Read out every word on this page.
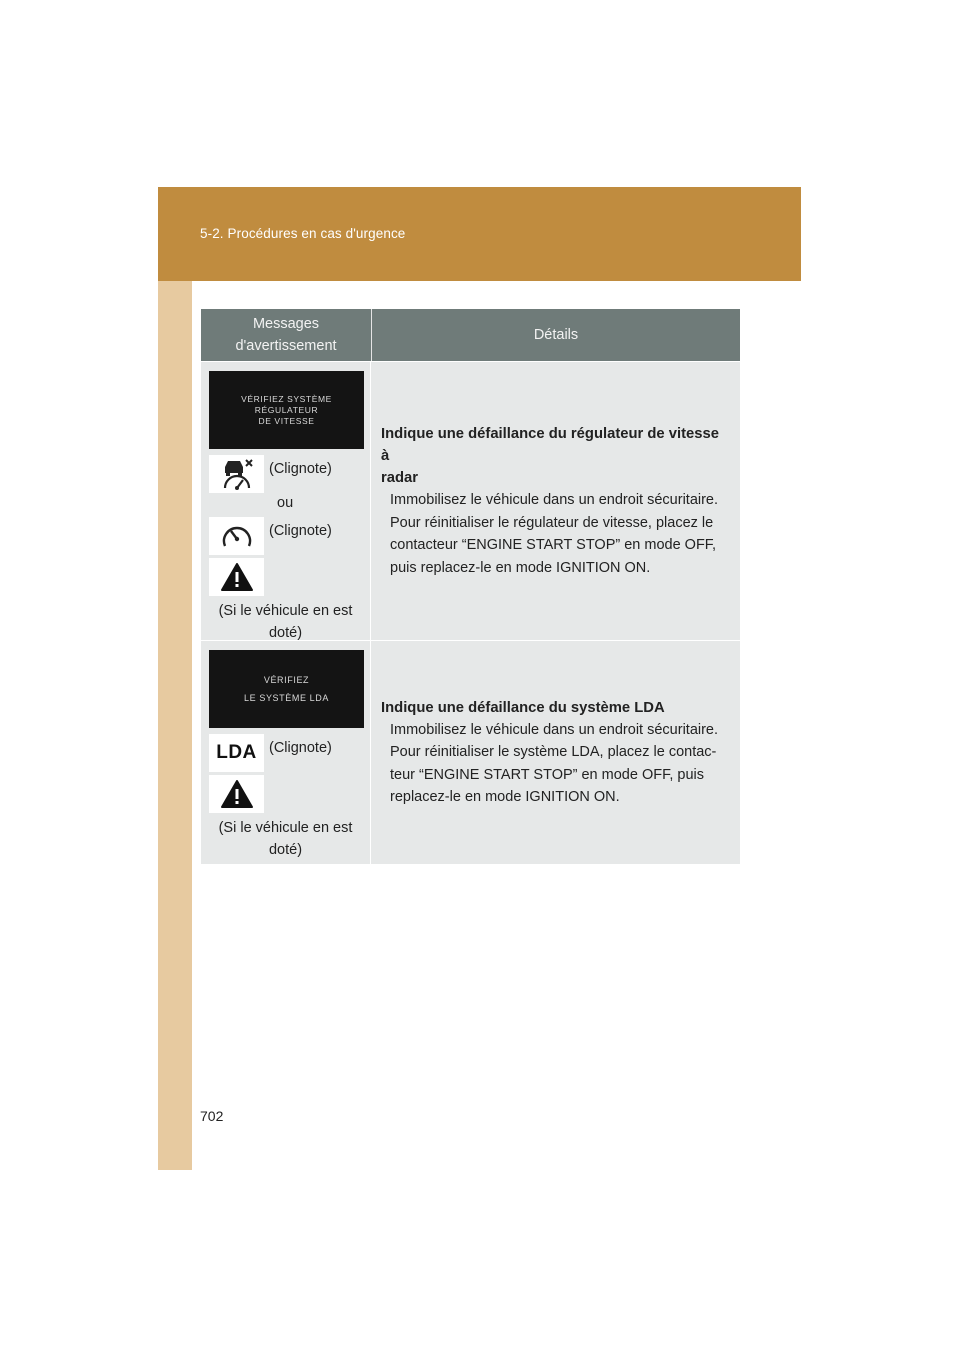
5-2. Procédures en cas d'urgence
Messages
d'avertissement
Détails
VÉRIFIEZ SYSTÈME
RÉGULATEUR
DE VITESSE
(Clignote)
ou
(Clignote)
(Si le véhicule en est
doté)
Indique une défaillance du régulateur de vitesse à
radar
Immobilisez le véhicule dans un endroit sécuritaire.
Pour réinitialiser le régulateur de vitesse, placez le
contacteur “ENGINE START STOP” en mode OFF,
puis replacez-le en mode IGNITION ON.
VÉRIFIEZ
LE SYSTÈME LDA
LDA (Clignote)
(Si le véhicule en est
doté)
Indique une défaillance du système LDA
Immobilisez le véhicule dans un endroit sécuritaire.
Pour réinitialiser le système LDA, placez le contac-
teur “ENGINE START STOP” en mode OFF, puis
replacez-le en mode IGNITION ON.
702
